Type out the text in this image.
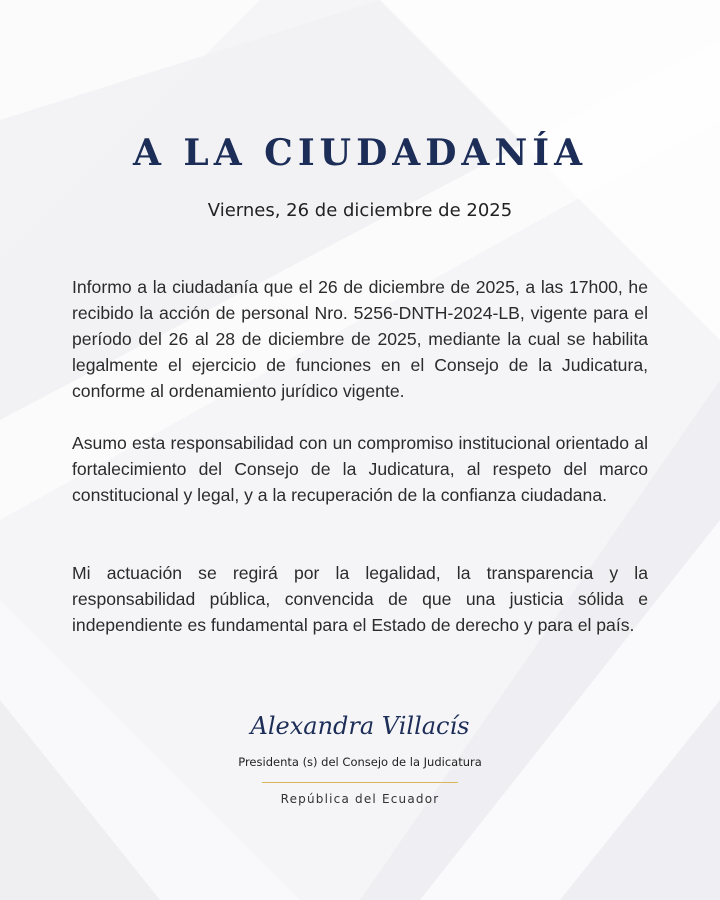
A LA CIUDADANÍA
Viernes, 26 de diciembre de 2025

Informo a la ciudadanía que el 26 de diciembre de 2025, a las 17h00, he recibido la acción de personal Nro. 5256-DNTH-2024-LB, vigente para el período del 26 al 28 de diciembre de 2025, mediante la cual se habilita legalmente el ejercicio de funciones en el Consejo de la Judicatura, conforme al ordenamiento jurídico vigente.

Asumo esta responsabilidad con un compromiso institucional orientado al fortalecimiento del Consejo de la Judicatura, al respeto del marco constitucional y legal, y a la recuperación de la confianza ciudadana.

Mi actuación se regirá por la legalidad, la transparencia y la responsabilidad pública, convencida de que una justicia sólida e independiente es fundamental para el Estado de derecho y para el país.

Alexandra Villacís
Presidenta (s) del Consejo de la Judicatura
República del Ecuador
